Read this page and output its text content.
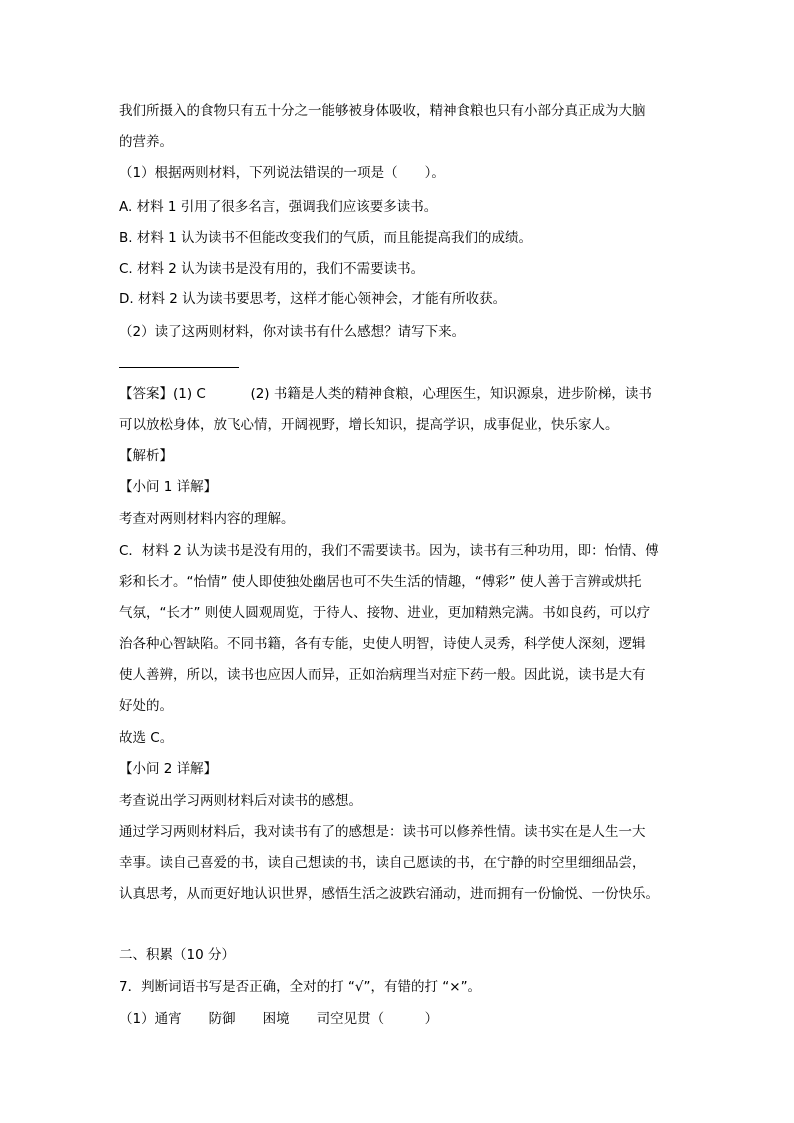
我们所摄入的食物只有五十分之一能够被身体吸收，精神食粮也只有小部分真正成为大脑
的营养。
（1）根据两则材料，下列说法错误的一项是（　　）。
A. 材料 1 引用了很多名言，强调我们应该要多读书。
B. 材料 1 认为读书不但能改变我们的气质，而且能提高我们的成绩。
C. 材料 2 认为读书是没有用的，我们不需要读书。
D. 材料 2 认为读书要思考，这样才能心领神会，才能有所收获。
（2）读了这两则材料，你对读书有什么感想？请写下来。
【答案】(1) C	(2) 书籍是人类的精神食粮，心理医生，知识源泉，进步阶梯，读书
可以放松身体，放飞心情，开阔视野，增长知识，提高学识，成事促业，快乐家人。
【解析】
【小问 1 详解】
考查对两则材料内容的理解。
C．材料 2 认为读书是没有用的，我们不需要读书。因为，读书有三种功用，即：怡情、傅
彩和长才。“怡情” 使人即使独处幽居也可不失生活的情趣，“傅彩” 使人善于言辨或烘托
气氛，“长才” 则使人圆观周览，于待人、接物、进业，更加精熟完满。书如良药，可以疗
治各种心智缺陷。不同书籍，各有专能，史使人明智，诗使人灵秀，科学使人深刻，逻辑
使人善辨，所以，读书也应因人而异，正如治病理当对症下药一般。因此说，读书是大有
好处的。
故选 C。
【小问 2 详解】
考查说出学习两则材料后对读书的感想。
通过学习两则材料后，我对读书有了的感想是：读书可以修养性情。读书实在是人生一大
幸事。读自己喜爱的书，读自己想读的书，读自己愿读的书，在宁静的时空里细细品尝，
认真思考，从而更好地认识世界，感悟生活之波跌宕涌动，进而拥有一份愉悦、一份快乐。
二、积累（10 分）
7．判断词语书写是否正确，全对的打 “√”，有错的打 “×”。
（1）通宵　　防御　　困境　　司空见贯（　　　）
